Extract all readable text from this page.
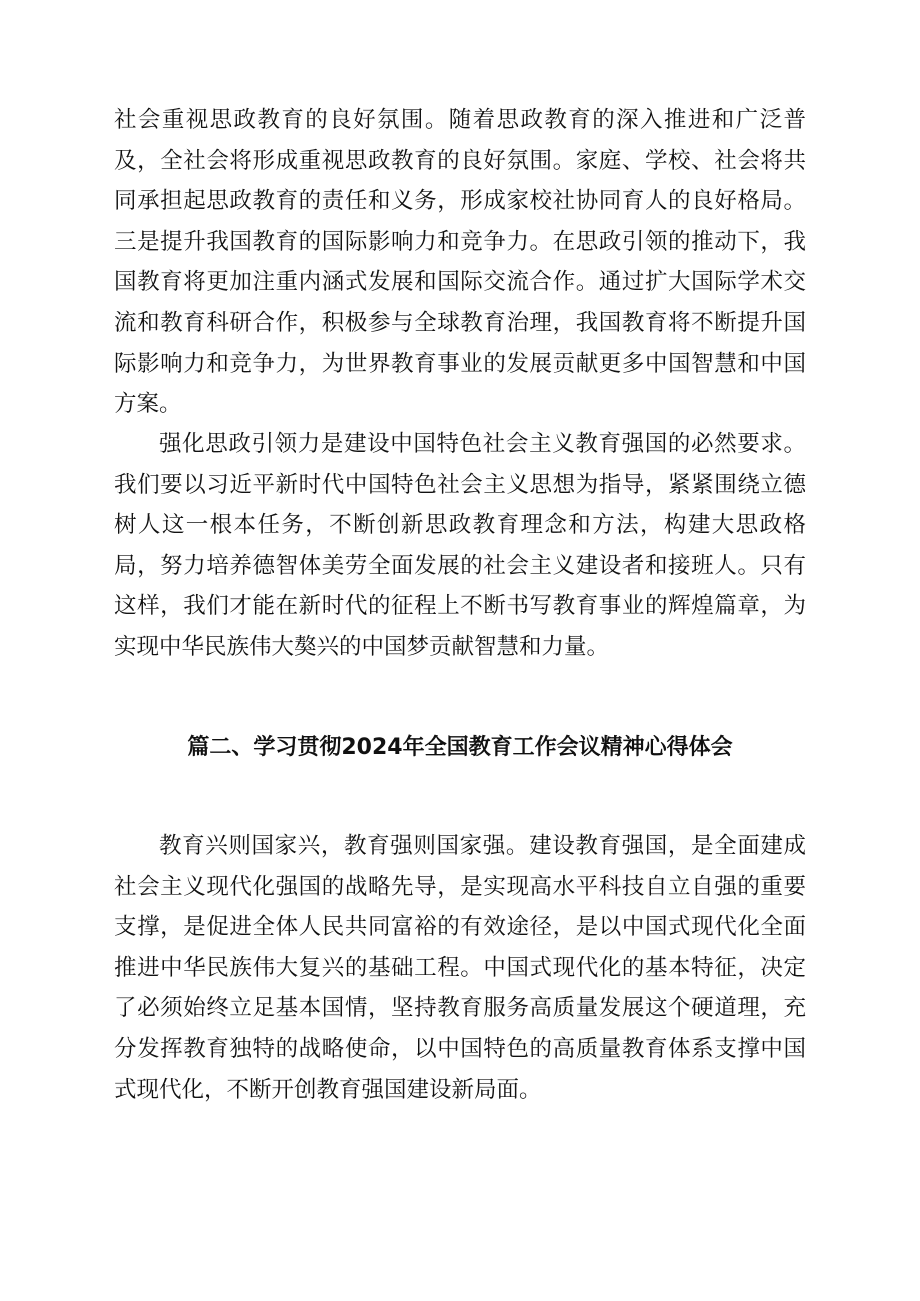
社会重视思政教育的良好氛围。随着思政教育的深入推进和广泛普及，全社会将形成重视思政教育的良好氛围。家庭、学校、社会将共同承担起思政教育的责任和义务，形成家校社协同育人的良好格局。三是提升我国教育的国际影响力和竞争力。在思政引领的推动下，我国教育将更加注重内涵式发展和国际交流合作。通过扩大国际学术交流和教育科研合作，积极参与全球教育治理，我国教育将不断提升国际影响力和竞争力，为世界教育事业的发展贡献更多中国智慧和中国方案。

强化思政引领力是建设中国特色社会主义教育强国的必然要求。我们要以习近平新时代中国特色社会主义思想为指导，紧紧围绕立德树人这一根本任务，不断创新思政教育理念和方法，构建大思政格局，努力培养德智体美劳全面发展的社会主义建设者和接班人。只有这样，我们才能在新时代的征程上不断书写教育事业的辉煌篇章，为实现中华民族伟大獒兴的中国梦贡献智慧和力量。

篇二、学习贯彻2024年全国教育工作会议精神心得体会

教育兴则国家兴，教育强则国家强。建设教育强国，是全面建成社会主义现代化强国的战略先导，是实现高水平科技自立自强的重要支撑，是促进全体人民共同富裕的有效途径，是以中国式现代化全面推进中华民族伟大复兴的基础工程。中国式现代化的基本特征，决定了必须始终立足基本国情，坚持教育服务高质量发展这个硬道理，充分发挥教育独特的战略使命，以中国特色的高质量教育体系支撑中国式现代化，不断开创教育强国建设新局面。
